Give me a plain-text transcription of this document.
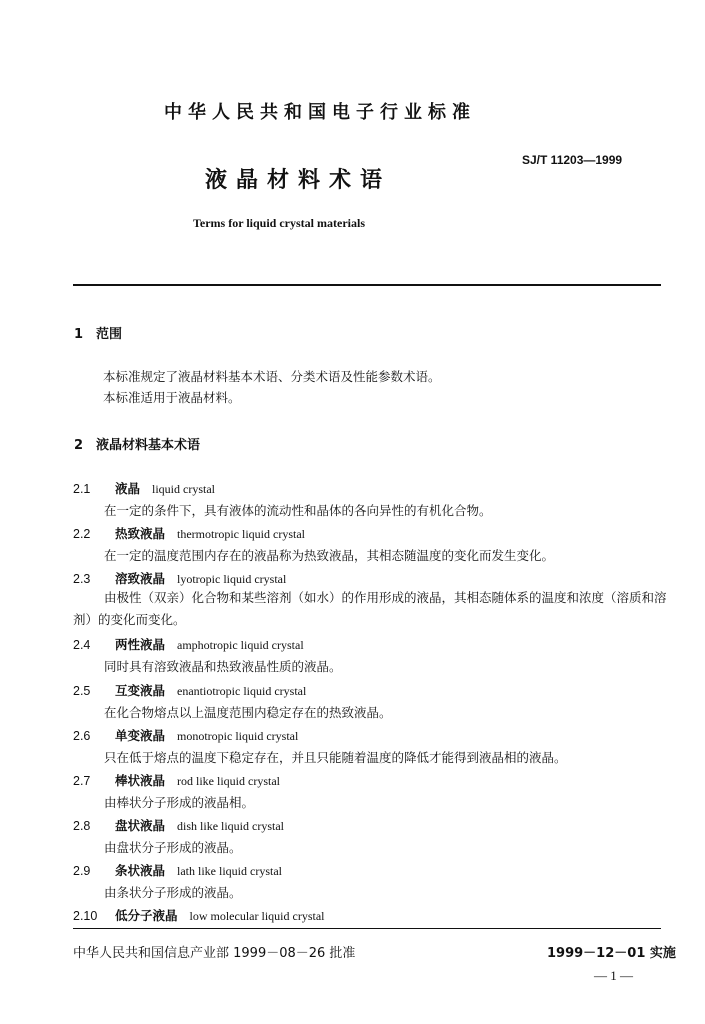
中华人民共和国电子行业标准
液晶材料术语
SJ/T 11203—1999
Terms for liquid crystal materials
1 范围
本标准规定了液晶材料基本术语、分类术语及性能参数术语。
本标准适用于液晶材料。
2 液晶材料基本术语
2.1 液晶 liquid crystal
在一定的条件下，具有液体的流动性和晶体的各向异性的有机化合物。
2.2 热致液晶 thermotropic liquid crystal
在一定的温度范围内存在的液晶称为热致液晶，其相态随温度的变化而发生变化。
2.3 溶致液晶 lyotropic liquid crystal
由极性（双亲）化合物和某些溶剂（如水）的作用形成的液晶，其相态随体系的温度和浓度（溶质和溶剂）的变化而变化。
2.4 两性液晶 amphotropic liquid crystal
同时具有溶致液晶和热致液晶性质的液晶。
2.5 互变液晶 enantiotropic liquid crystal
在化合物熔点以上温度范围内稳定存在的热致液晶。
2.6 单变液晶 monotropic liquid crystal
只在低于熔点的温度下稳定存在，并且只能随着温度的降低才能得到液晶相的液晶。
2.7 棒状液晶 rod like liquid crystal
由棒状分子形成的液晶相。
2.8 盘状液晶 dish like liquid crystal
由盘状分子形成的液晶。
2.9 条状液晶 lath like liquid crystal
由条状分子形成的液晶。
2.10 低分子液晶 low molecular liquid crystal
中华人民共和国信息产业部 1999－08－26 批准	1999－12－01 实施
— 1 —
